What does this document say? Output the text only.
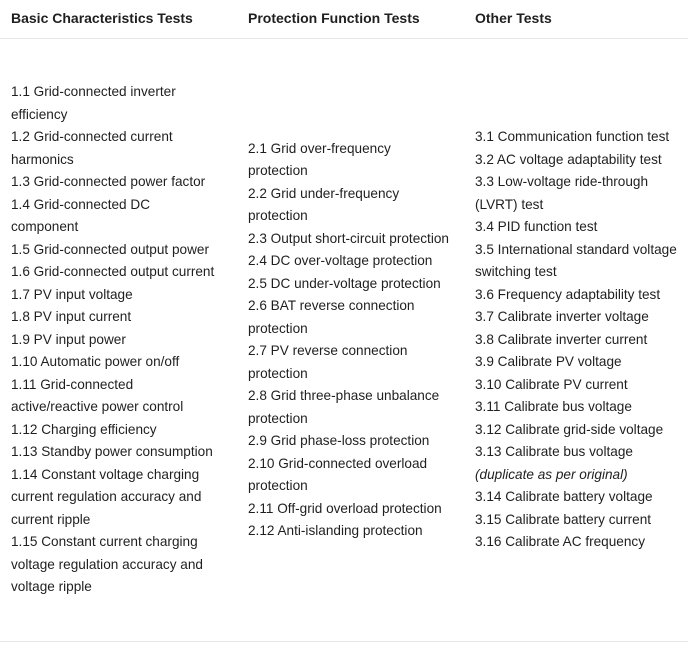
Basic Characteristics Tests	Protection Function Tests	Other Tests
1.1 Grid-connected inverter efficiency
1.2 Grid-connected current harmonics
1.3 Grid-connected power factor
1.4 Grid-connected DC component
1.5 Grid-connected output power
1.6 Grid-connected output current
1.7 PV input voltage
1.8 PV input current
1.9 PV input power
1.10 Automatic power on/off
1.11 Grid-connected active/reactive power control
1.12 Charging efficiency
1.13 Standby power consumption
1.14 Constant voltage charging current regulation accuracy and current ripple
1.15 Constant current charging voltage regulation accuracy and voltage ripple
2.1 Grid over-frequency protection
2.2 Grid under-frequency protection
2.3 Output short-circuit protection
2.4 DC over-voltage protection
2.5 DC under-voltage protection
2.6 BAT reverse connection protection
2.7 PV reverse connection protection
2.8 Grid three-phase unbalance protection
2.9 Grid phase-loss protection
2.10 Grid-connected overload protection
2.11 Off-grid overload protection
2.12 Anti-islanding protection
3.1 Communication function test
3.2 AC voltage adaptability test
3.3 Low-voltage ride-through (LVRT) test
3.4 PID function test
3.5 International standard voltage switching test
3.6 Frequency adaptability test
3.7 Calibrate inverter voltage
3.8 Calibrate inverter current
3.9 Calibrate PV voltage
3.10 Calibrate PV current
3.11 Calibrate bus voltage
3.12 Calibrate grid-side voltage
3.13 Calibrate bus voltage
(duplicate as per original)
3.14 Calibrate battery voltage
3.15 Calibrate battery current
3.16 Calibrate AC frequency
